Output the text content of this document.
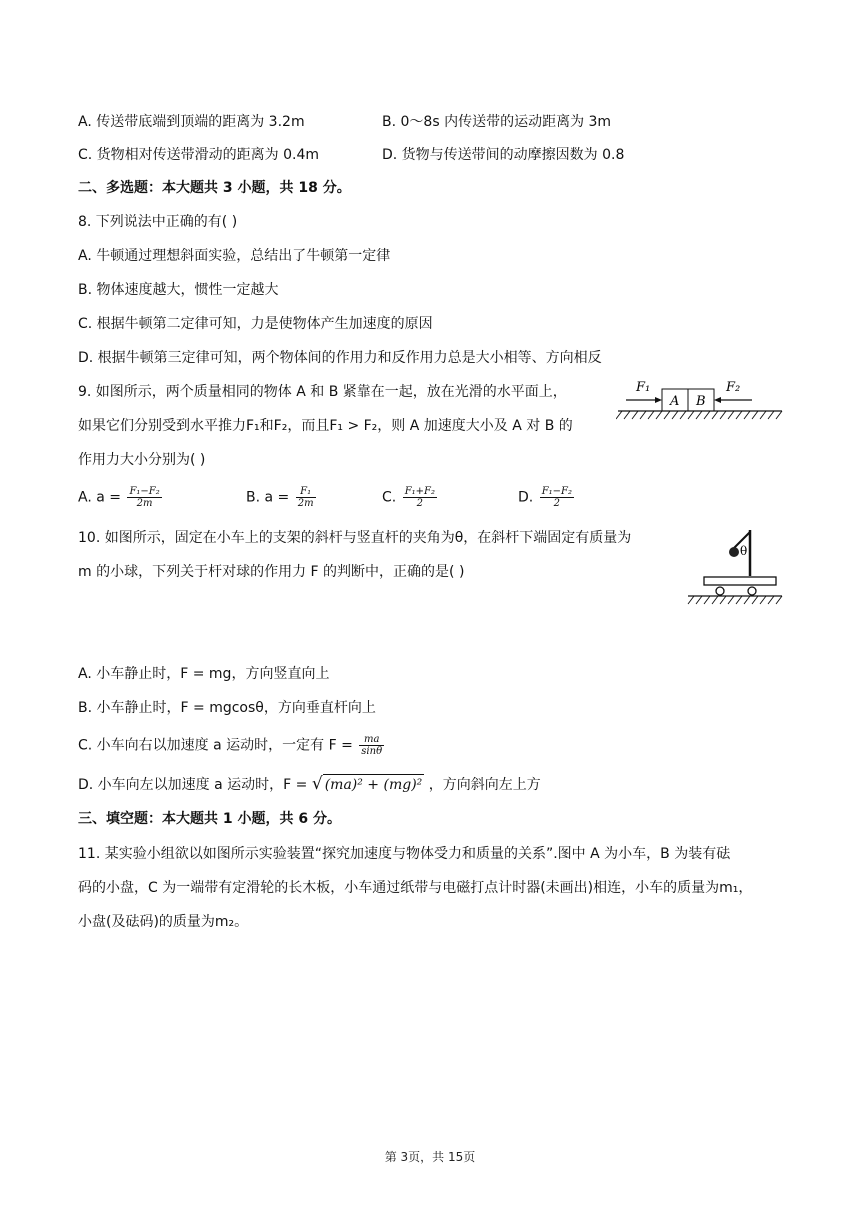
A. 传送带底端到顶端的距离为 3.2m	B. 0～8s 内传送带的运动距离为 3m
C. 货物相对传送带滑动的距离为 0.4m	D. 货物与传送带间的动摩擦因数为 0.8
二、多选题：本大题共 3 小题，共 18 分。
8. 下列说法中正确的有( )
A. 牛顿通过理想斜面实验，总结出了牛顿第一定律
B. 物体速度越大，惯性一定越大
C. 根据牛顿第二定律可知，力是使物体产生加速度的原因
D. 根据牛顿第三定律可知，两个物体间的作用力和反作用力总是大小相等、方向相反
9. 如图所示，两个质量相同的物体 A 和 B 紧靠在一起，放在光滑的水平面上，
如果它们分别受到水平推力F₁和F₂，而且F₁ > F₂，则 A 加速度大小及 A 对 B 的
作用力大小分别为( )
F₁
A B
F₂
A. $a = \frac{\text{F₁−F₂}}{2m}$	B. $a = \frac{\text{F₁}}{2m}$	C. $\frac{\text{F₁+F₂}}{2}$	D. $\frac{\text{F₁−F₂}}{2}$
10. 如图所示，固定在小车上的支架的斜杆与竖直杆的夹角为θ，在斜杆下端固定有质量为
m 的小球，下列关于杆对球的作用力 F 的判断中，正确的是( )
θ
A. 小车静止时，F = mg，方向竖直向上
B. 小车静止时，F = mgcosθ，方向垂直杆向上
C. 小车向右以加速度 a 运动时，一定有 $F = \frac{ma}{\sin\theta}$
D. 小车向左以加速度 a 运动时，F = √ (ma)² + (mg)² ，方向斜向左上方
三、填空题：本大题共 1 小题，共 6 分。
11. 某实验小组欲以如图所示实验装置“探究加速度与物体受力和质量的关系”.图中 A 为小车，B 为装有砝
码的小盘，C 为一端带有定滑轮的长木板，小车通过纸带与电磁打点计时器(未画出)相连，小车的质量为m₁，
小盘(及砝码)的质量为m₂。
第 3页，共 15页
